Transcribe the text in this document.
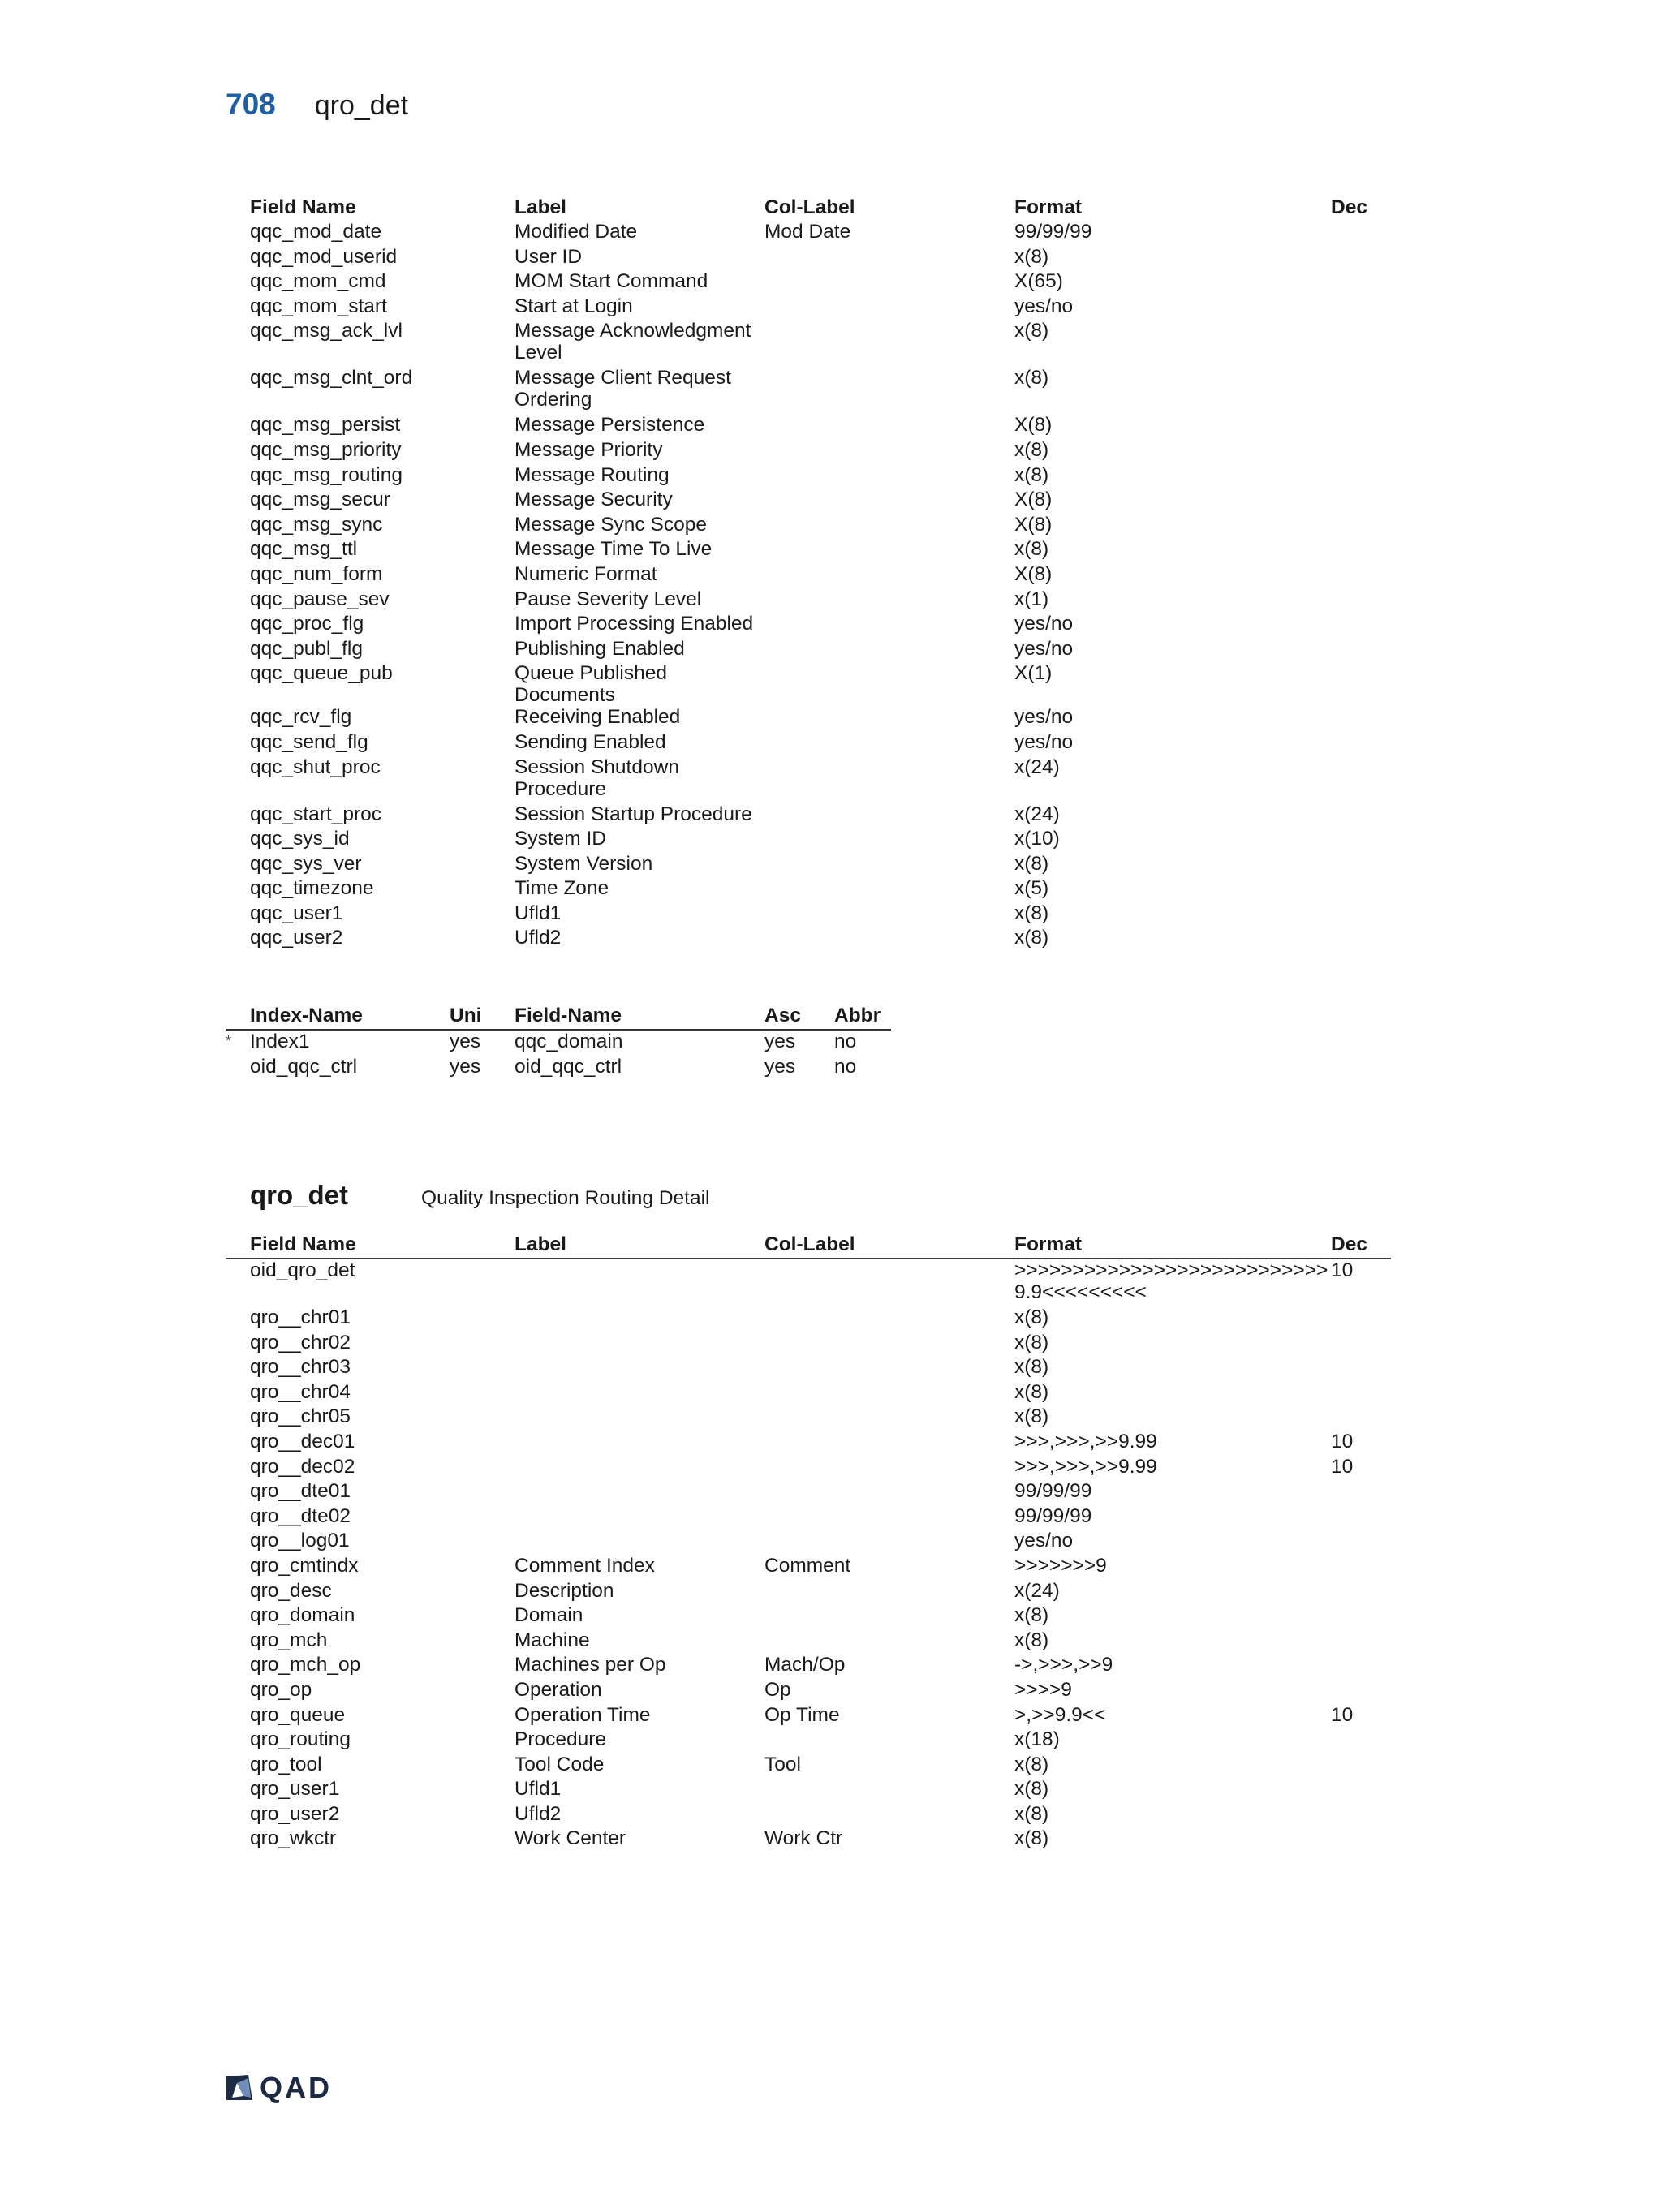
708 qro_det
	Field Name	Label	Col-Label	Format	Dec
	qqc_mod_date	Modified Date	Mod Date	99/99/99	
	qqc_mod_userid	User ID		x(8)	
	qqc_mom_cmd	MOM Start Command		X(65)	
	qqc_mom_start	Start at Login		yes/no	
	qqc_msg_ack_lvl	Message Acknowledgment Level		x(8)	
	qqc_msg_clnt_ord	Message Client Request Ordering		x(8)	
	qqc_msg_persist	Message Persistence		X(8)	
	qqc_msg_priority	Message Priority		x(8)	
	qqc_msg_routing	Message Routing		x(8)	
	qqc_msg_secur	Message Security		X(8)	
	qqc_msg_sync	Message Sync Scope		X(8)	
	qqc_msg_ttl	Message Time To Live		x(8)	
	qqc_num_form	Numeric Format		X(8)	
	qqc_pause_sev	Pause Severity Level		x(1)	
	qqc_proc_flg	Import Processing Enabled		yes/no	
	qqc_publ_flg	Publishing Enabled		yes/no	
	qqc_queue_pub	Queue Published Documents		X(1)	
	qqc_rcv_flg	Receiving Enabled		yes/no	
	qqc_send_flg	Sending Enabled		yes/no	
	qqc_shut_proc	Session Shutdown Procedure		x(24)	
	qqc_start_proc	Session Startup Procedure		x(24)	
	qqc_sys_id	System ID		x(10)	
	qqc_sys_ver	System Version		x(8)	
	qqc_timezone	Time Zone		x(5)	
	qqc_user1	Ufld1		x(8)	
	qqc_user2	Ufld2		x(8)	
	Index-Name	Uni	Field-Name	Asc	Abbr
*	Index1	yes	qqc_domain	yes	no
	oid_qqc_ctrl	yes	oid_qqc_ctrl	yes	no
qro_det	Quality Inspection Routing Detail
	Field Name	Label	Col-Label	Format	Dec
	oid_qro_det			>>>>>>>>>>>>>>>>>>>>>>>>>>>9.9<<<<<<<<<	10
	qro__chr01			x(8)	
	qro__chr02			x(8)	
	qro__chr03			x(8)	
	qro__chr04			x(8)	
	qro__chr05			x(8)	
	qro__dec01			>>>,>>>,>>9.99	10
	qro__dec02			>>>,>>>,>>9.99	10
	qro__dte01			99/99/99	
	qro__dte02			99/99/99	
	qro__log01			yes/no	
	qro_cmtindx	Comment Index	Comment	>>>>>>>9	
	qro_desc	Description		x(24)	
	qro_domain	Domain		x(8)	
	qro_mch	Machine		x(8)	
	qro_mch_op	Machines per Op	Mach/Op	->,>>>,>>9	
	qro_op	Operation	Op	>>>>9	
	qro_queue	Operation Time	Op Time	>,>>9.9<<	10
	qro_routing	Procedure		x(18)	
	qro_tool	Tool Code	Tool	x(8)	
	qro_user1	Ufld1		x(8)	
	qro_user2	Ufld2		x(8)	
	qro_wkctr	Work Center	Work Ctr	x(8)	
QAD
